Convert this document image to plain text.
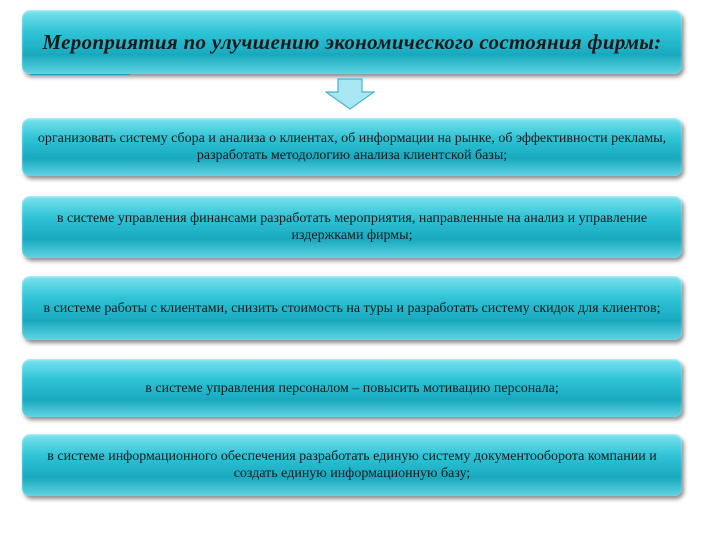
Мероприятия по улучшению экономического состояния фирмы:
организовать систему сбора и анализа о клиентах, об информации на рынке, об эффективности рекламы, разработать методологию анализа клиентской базы;
в системе управления финансами разработать мероприятия, направленные на анализ и управление издержками фирмы;
в системе работы с клиентами, снизить стоимость на туры и разработать систему скидок для клиентов;
в системе управления персоналом – повысить мотивацию персонала;
в системе информационного обеспечения разработать единую систему документооборота компании и создать единую информационную базу;
